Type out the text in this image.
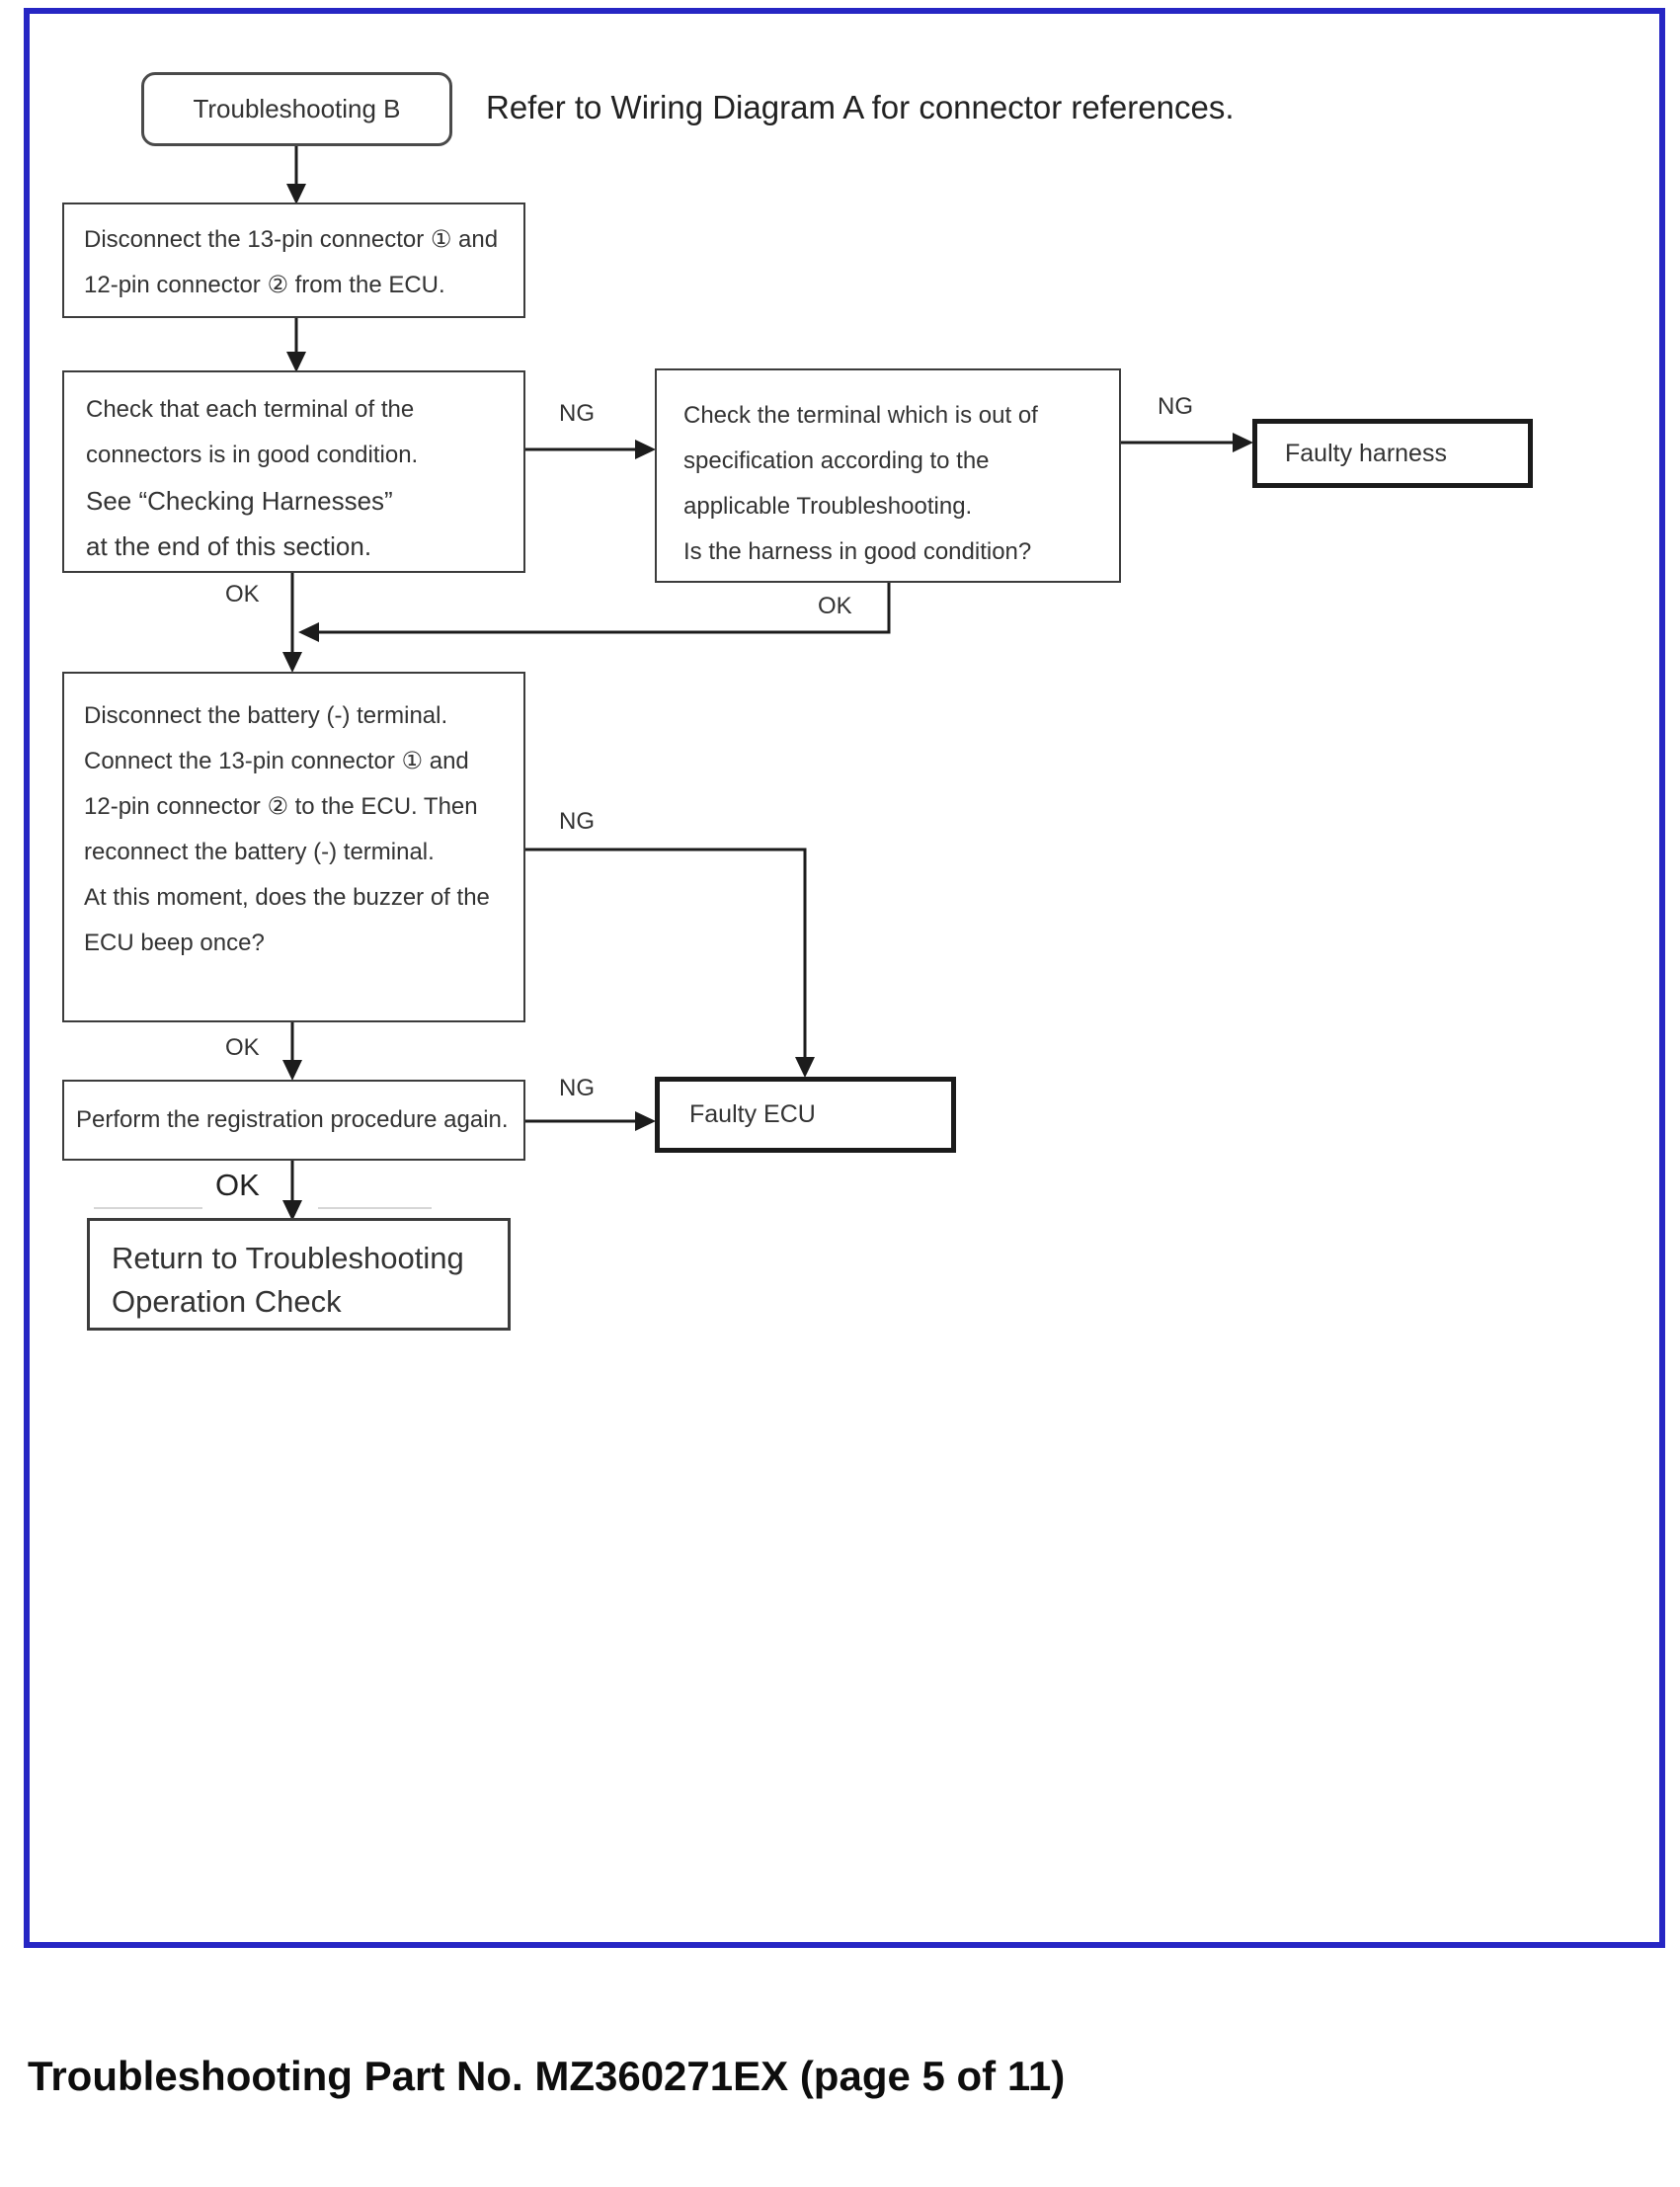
Troubleshooting B	Refer to Wiring Diagram A for connector references.
Disconnect the 13-pin connector ① and
12-pin connector ② from the ECU.
Check that each terminal of the
connectors is in good condition.
See “Checking Harnesses”
at the end of this section.
Check the terminal which is out of
specification according to the
applicable Troubleshooting.
Is the harness in good condition?
Faulty harness
Disconnect the battery (-) terminal.
Connect the 13-pin connector ① and
12-pin connector ② to the ECU. Then
reconnect the battery (-) terminal.
At this moment, does the buzzer of the
ECU beep once?
Perform the registration procedure again.	Faulty ECU
Return to Troubleshooting
Operation Check
NG	NG
OK	OK
NG
OK
NG
OK
Troubleshooting Part No. MZ360271EX (page 5 of 11)
